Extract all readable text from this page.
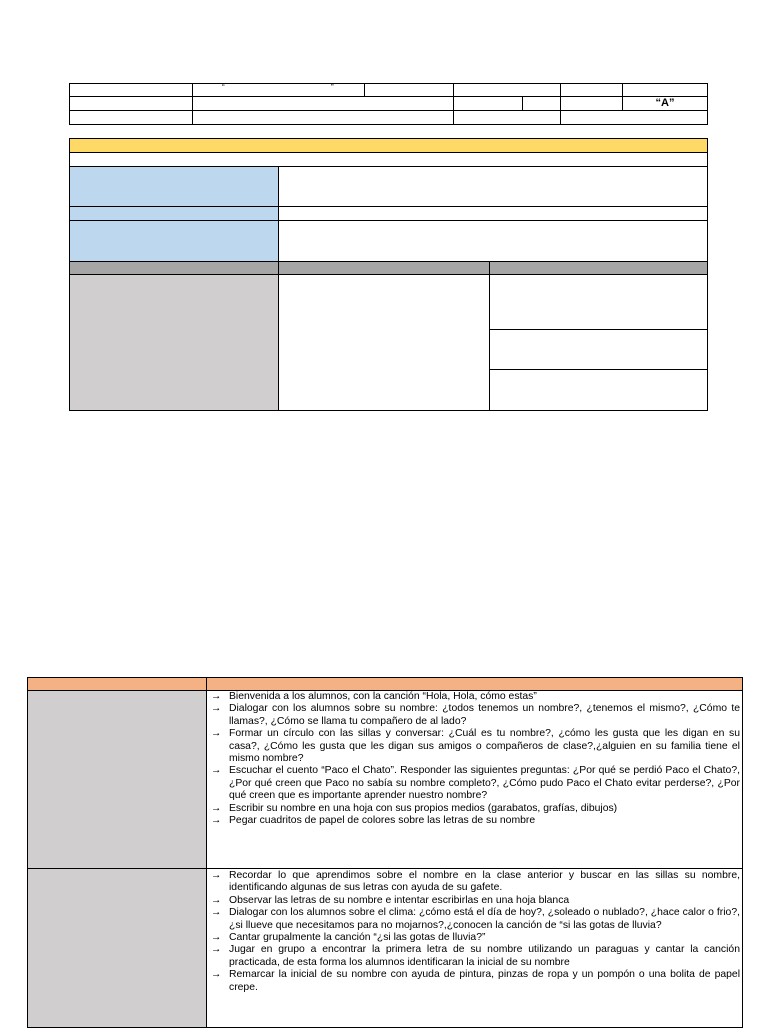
“	”
“A”
→ Bienvenida a los alumnos, con la canción “Hola, Hola, cómo estas”
→ Dialogar con los alumnos sobre su nombre: ¿todos tenemos un nombre?, ¿tenemos el mismo?, ¿Cómo te llamas?, ¿Cómo se llama tu compañero de al lado?
→ Formar un círculo con las sillas y conversar: ¿Cuál es tu nombre?, ¿cómo les gusta que les digan en su casa?, ¿Cómo les gusta que les digan sus amigos o compañeros de clase?,¿alguien en su familia tiene el mismo nombre?
→ Escuchar el cuento “Paco el Chato”. Responder las siguientes preguntas: ¿Por qué se perdió Paco el Chato?, ¿Por qué creen que Paco no sabía su nombre completo?, ¿Cómo pudo Paco el Chato evitar perderse?, ¿Por qué creen que es importante aprender nuestro nombre?
→ Escribir su nombre en una hoja con sus propios medios (garabatos, grafías, dibujos)
→ Pegar cuadritos de papel de colores sobre las letras de su nombre
→ Recordar lo que aprendimos sobre el nombre en la clase anterior y buscar en las sillas su nombre, identificando algunas de sus letras con ayuda de su gafete.
→ Observar las letras de su nombre e intentar escribirlas en una hoja blanca
→ Dialogar con los alumnos sobre el clima: ¿cómo está el día de hoy?, ¿soleado o nublado?, ¿hace calor o frio?, ¿si llueve que necesitamos para no mojarnos?,¿conocen la canción de “si las gotas de lluvia?
→ Cantar grupalmente la canción “¿si las gotas de lluvia?”
→ Jugar en grupo a encontrar la primera letra de su nombre utilizando un paraguas y cantar la canción practicada, de esta forma los alumnos identificaran la inicial de su nombre
→ Remarcar la inicial de su nombre con ayuda de pintura, pinzas de ropa y un pompón o una bolita de papel crepe.
